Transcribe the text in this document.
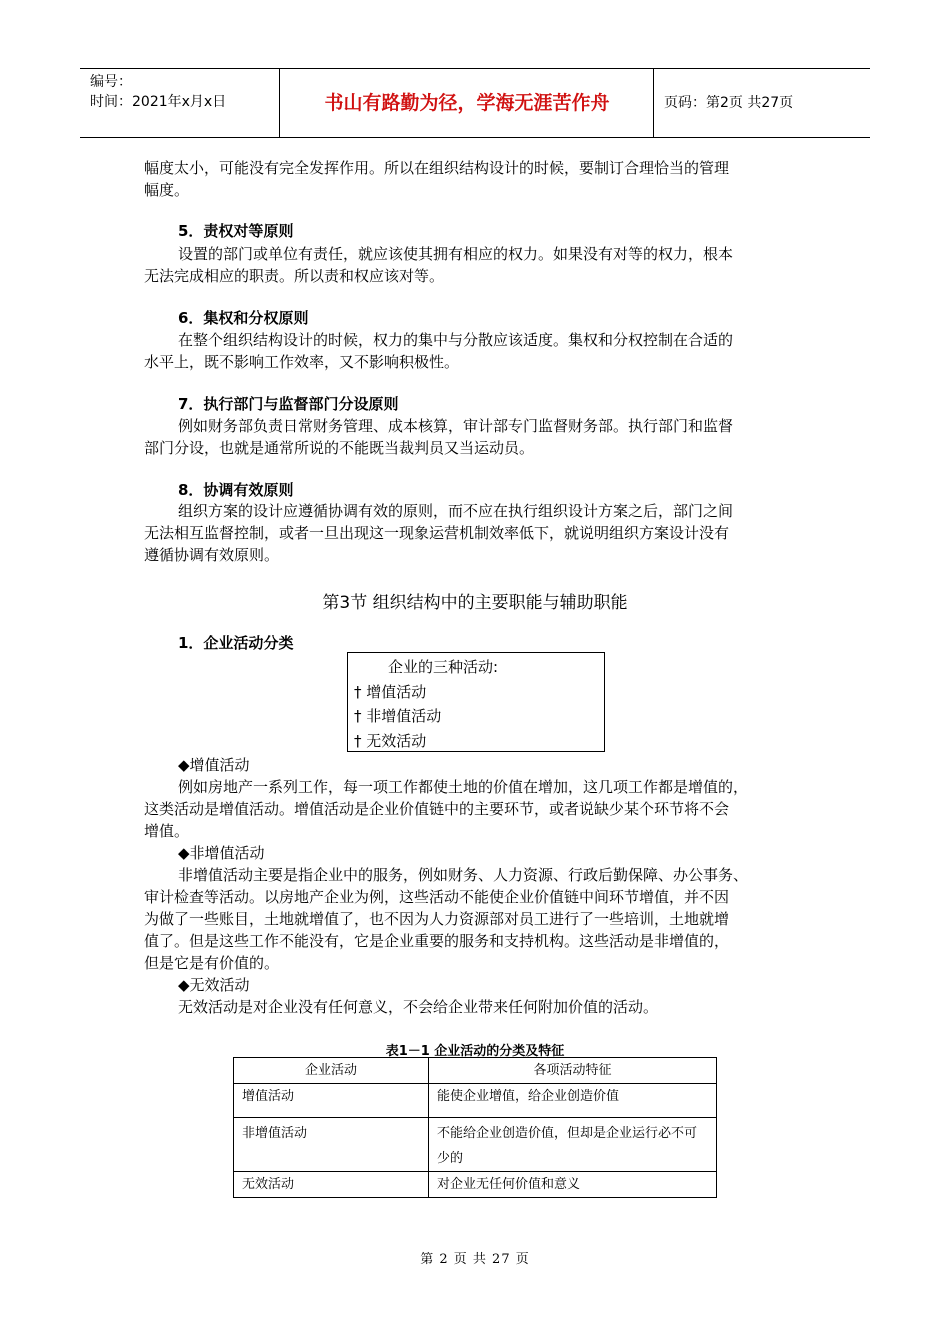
编号：
时间：2021年x月x日	书山有路勤为径，学海无涯苦作舟	页码：第2页 共27页
幅度太小，可能没有完全发挥作用。所以在组织结构设计的时候，要制订合理恰当的管理
幅度。
5．责权对等原则
设置的部门或单位有责任，就应该使其拥有相应的权力。如果没有对等的权力，根本
无法完成相应的职责。所以责和权应该对等。
6．集权和分权原则
在整个组织结构设计的时候，权力的集中与分散应该适度。集权和分权控制在合适的
水平上，既不影响工作效率，又不影响积极性。
7．执行部门与监督部门分设原则
例如财务部负责日常财务管理、成本核算，审计部专门监督财务部。执行部门和监督
部门分设，也就是通常所说的不能既当裁判员又当运动员。
8．协调有效原则
组织方案的设计应遵循协调有效的原则，而不应在执行组织设计方案之后，部门之间
无法相互监督控制，或者一旦出现这一现象运营机制效率低下，就说明组织方案设计没有
遵循协调有效原则。
第3节 组织结构中的主要职能与辅助职能
1．企业活动分类
企业的三种活动:
† 增值活动
† 非增值活动
† 无效活动
◆增值活动
例如房地产一系列工作，每一项工作都使土地的价值在增加，这几项工作都是增值的，
这类活动是增值活动。增值活动是企业价值链中的主要环节，或者说缺少某个环节将不会
增值。
◆非增值活动
非增值活动主要是指企业中的服务，例如财务、人力资源、行政后勤保障、办公事务、
审计检查等活动。以房地产企业为例，这些活动不能使企业价值链中间环节增值，并不因
为做了一些账目，土地就增值了，也不因为人力资源部对员工进行了一些培训，土地就增
值了。但是这些工作不能没有，它是企业重要的服务和支持机构。这些活动是非增值的，
但是它是有价值的。
◆无效活动
无效活动是对企业没有任何意义，不会给企业带来任何附加价值的活动。
表1－1 企业活动的分类及特征
企业活动	各项活动特征
增值活动	能使企业增值，给企业创造价值
非增值活动	不能给企业创造价值，但却是企业运行必不可少的
无效活动	对企业无任何价值和意义
第 2 页 共 27 页
